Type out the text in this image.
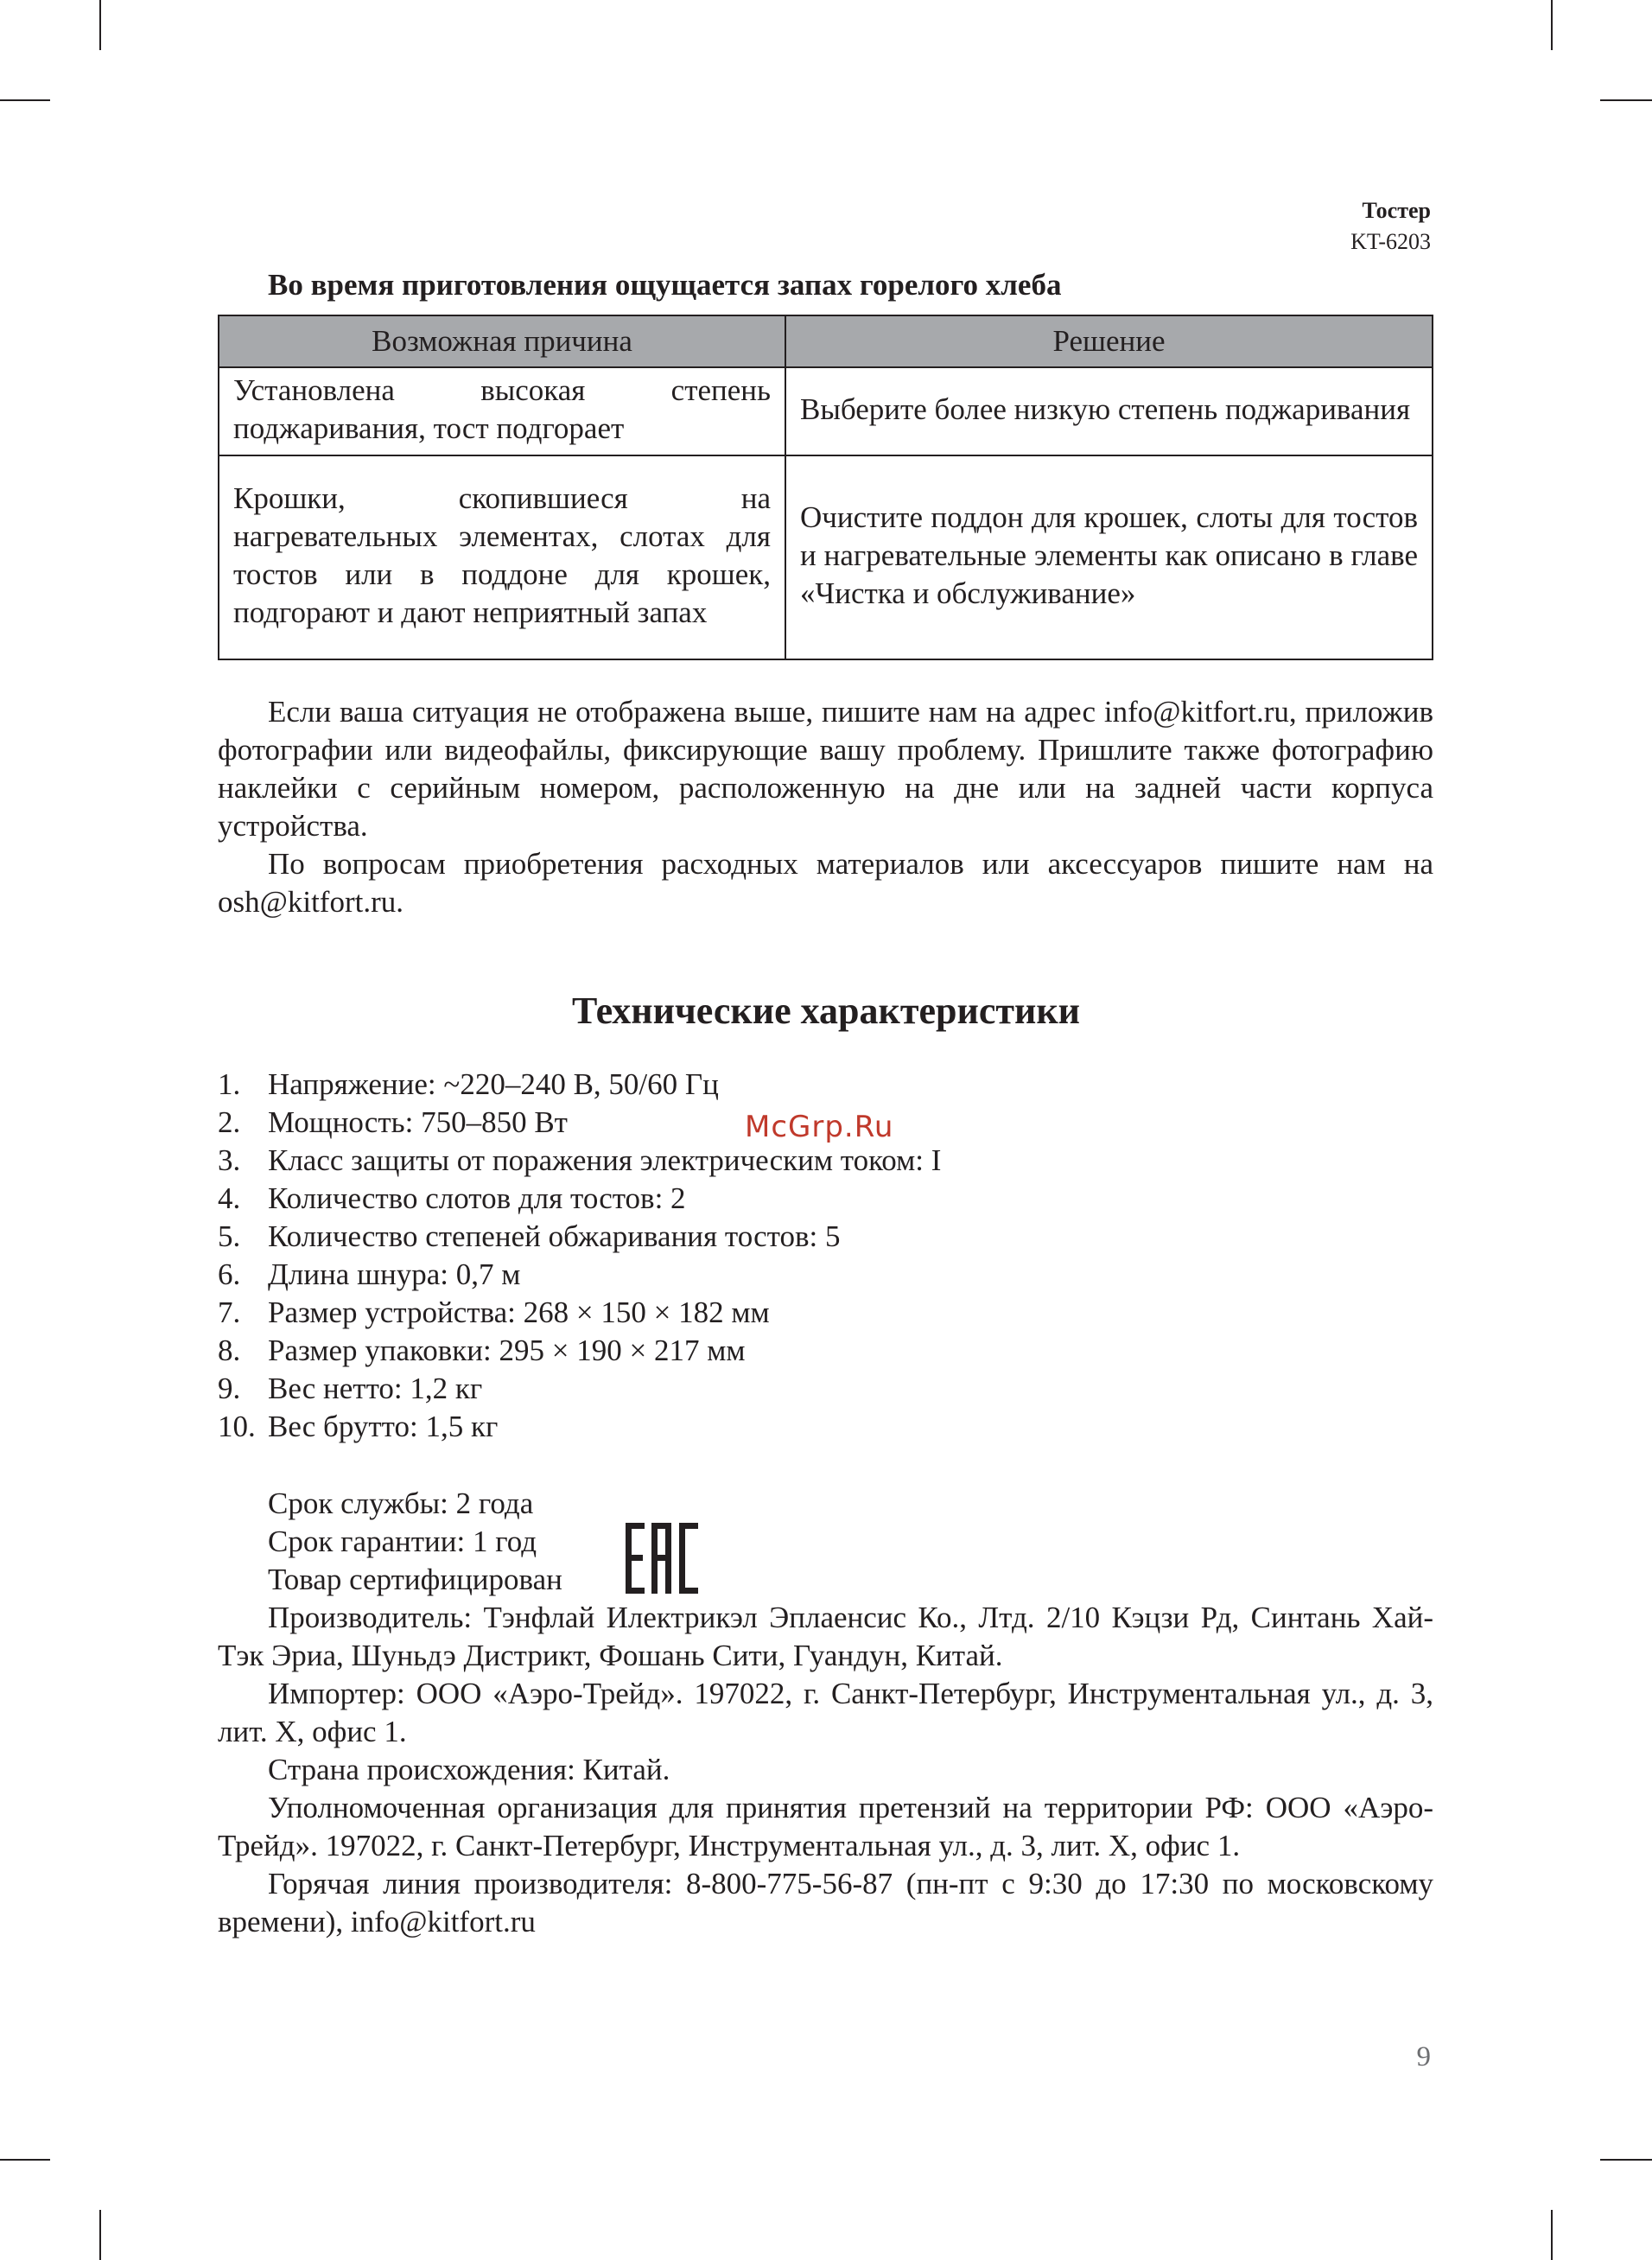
Тостер
KT-6203
Во время приготовления ощущается запах горелого хлеба
Возможная причина	Решение
Установлена высокая степень поджаривания, тост подгорает	Выберите более низкую степень поджаривания
Крошки, скопившиеся на нагревательных элементах, слотах для тостов или в поддоне для крошек, подгорают и дают неприятный запах	Очистите поддон для крошек, слоты для тостов и нагревательные элементы как описано в главе «Чистка и обслуживание»

Если ваша ситуация не отображена выше, пишите нам на адрес info@kitfort.ru, приложив фотографии или видеофайлы, фиксирующие вашу проблему. Пришлите также фотографию наклейки с серийным номером, расположенную на дне или на задней части корпуса устройства.

По вопросам приобретения расходных материалов или аксессуаров пишите нам на osh@kitfort.ru.

Технические характеристики
1. Напряжение: ~220–240 В, 50/60 Гц
2. Мощность: 750–850 Вт
3. Класс защиты от поражения электрическим током: I
4. Количество слотов для тостов: 2
5. Количество степеней обжаривания тостов: 5
6. Длина шнура: 0,7 м
7. Размер устройства: 268 × 150 × 182 мм
8. Размер упаковки: 295 × 190 × 217 мм
9. Вес нетто: 1,2 кг
10. Вес брутто: 1,5 кг
McGrp.Ru
Срок службы: 2 года
Срок гарантии: 1 год
Товар сертифицирован

Производитель: Тэнфлай Илектрикэл Эплаенсис Ко., Лтд. 2/10 Кэцзи Рд, Синтань Хай-Тэк Эриа, Шуньдэ Дистрикт, Фошань Сити, Гуандун, Китай.

Импортер: ООО «Аэро-Трейд». 197022, г. Санкт-Петербург, Инструментальная ул., д. 3, лит. Х, офис 1.

Страна происхождения: Китай.

Уполномоченная организация для принятия претензий на территории РФ: ООО «Аэро-Трейд». 197022, г. Санкт-Петербург, Инструментальная ул., д. 3, лит. Х, офис 1.

Горячая линия производителя: 8-800-775-56-87 (пн-пт с 9:30 до 17:30 по московскому времени), info@kitfort.ru

9
